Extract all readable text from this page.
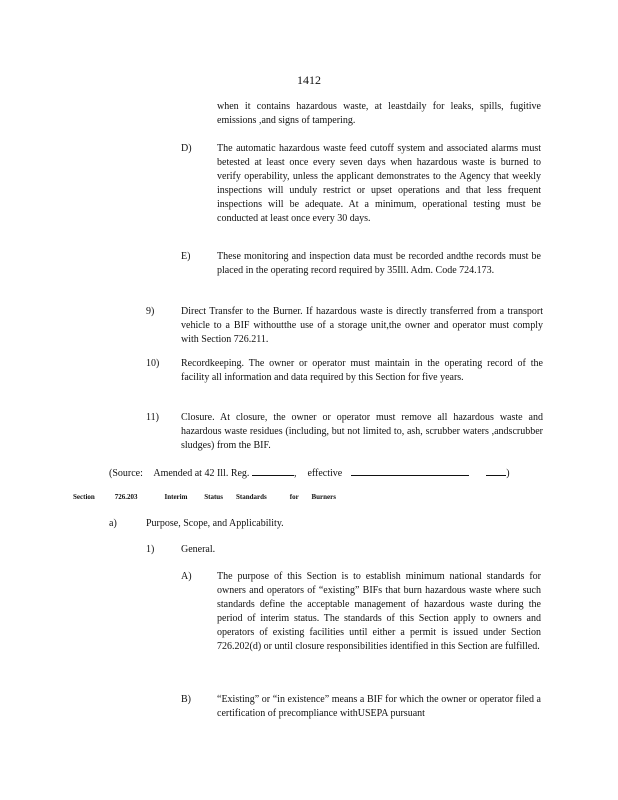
1412
when it contains hazardous waste, at leastdaily for leaks, spills, fugitive emissions ,and signs of tampering.
D)	The automatic hazardous waste feed cutoff system and associated alarms must betested at least once every seven days when hazardous waste is burned to verify operability, unless the applicant demonstrates to the Agency that weekly inspections will unduly restrict or upset operations and that less frequent inspections will be adequate. At a minimum, operational testing must be conducted at least once every 30 days.
E)	These monitoring and inspection data must be recorded andthe records must be placed in the operating record required by 35Ill. Adm. Code 724.173.
9)	Direct Transfer to the Burner. If hazardous waste is directly transferred from a transport vehicle to a BIF withoutthe use of a storage unit,the owner and operator must comply with Section 726.211.
10) Recordkeeping. The owner or operator must maintain in the operating record of the facility all information and data required by this Section for five years.
11) Closure. At closure, the owner or operator must remove all hazardous waste and hazardous waste residues (including, but not limited to, ash, scrubber waters ,andscrubber sludges) from the BIF.
(Source: Amended at 42 Ill. Reg.	, effective	)
Section	726.203	Interim Status Standards	for Burners
a)	Purpose, Scope, and Applicability.
1)	General.
A)	The purpose of this Section is to establish minimum national standards for owners and operators of “existing” BIFs that burn hazardous waste where such standards define the acceptable management of hazardous waste during the period of interim status. The standards of this Section apply to owners and operators of existing facilities until either a permit is issued under Section 726.202(d) or until closure responsibilities identified in this Section are fulfilled.
B)	“Existing” or “in existence” means a BIF for which the owner or operator filed a certification of precompliance withUSEPA pursuant
